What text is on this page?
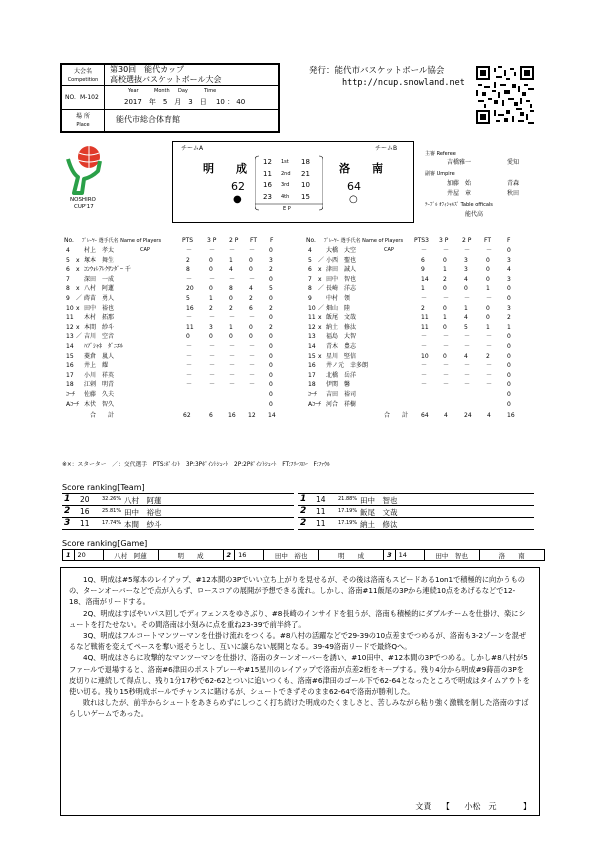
大会名
Competition
第30回　能代カップ
高校選抜バスケットボール大会
NO. M-102
Year	Month Day	Time
2017　年　5　月　3　日　 10 ： 40
場 所
Place
能代市総合体育館
発行：能代市バスケットボール協会
http://ncup.snowland.net
NOSHIRO
CUP'17
チームA	チームB
明　　成	洛　　南
62	64
●	○
12 1st 18
11 2nd 21
16 3rd 10
23 4th 15
E P
主審 Referee
吉橋雅一	愛知
副審 Umpire
加藤　始	青森
井屋　章	秋田
ﾃｰﾌﾞﾙ ｵﾌｨｼｬﾙｽﾞ Table officals
能代高
No. ﾌﾟﾚｰﾔｰ 選手氏名 Name of Players	PTS 3 P 2 P FT F
4 村上　孝太	CAP	－	－ － － 0
5 x 塚本　舞生	2	0	1	0	3
6 x ｺﾝｳｫﾚｱﾚｸｻﾝﾀﾞｰ 千	8	0	4	0	2
7 深田　一成	－	－ － － 0
8 x 八村　阿蓮	20	0	8	4	5
9 ／ 蒔苗　勇人	5	1	0	2	0
10 x 田中　裕也	16	2	2	6	2
11 木村　拓那	－	－ － － 0
12 x 本間　紗斗	11	3	1	0	2
13 ／ 吉川　空音	0	0	0	0	0
14 ﾊﾌﾞｼｬﾈ　ﾀﾞﾆｴﾙ	－	－ － － 0
15 菱倉　嵐人	－	－ － － 0
16 井上　耀	－	－ － － 0
17 小川　祥英	－	－ － － 0
18 江刺　明青	－	－ － － 0
ｺｰﾁ 佐藤　久夫	0
Aｺｰﾁ 木伏　智久	0
合　　計	62	6	16 12 14
No. ﾌﾟﾚｰﾔｰ 選手氏名 Name of Players PTS3 3 P 2 P FT	F
4 大橋　大空	CAP	－	－ －	－ 0
5 ／ 小西　聖也	6	0	3	0	3
6 x 津田　誠人	9	1	3	0	4
7 x 田中　智也	14 2	4	0	3
8 ／ 長崎　洋志	1	0	0	1	0
9 中村　領	－	－ －	－ 0
10 ／ 畑山　陸	2	0	1	0	3
11 x 飯尾　文哉	11 1	4	0	2
12 x 納土　修汰	11 0	5	1	1
13 福島　大智	－	－ －	－ 0
14 青木　豊志	－	－ －	－ 0
15 x 星川　堅信	10 0	4	2	0
16 井ノ元　幸多朗	－	－ －	－ 0
17 北橋　岳洋	－	－ －	－ 0
18 伊関　馨	－	－ －	－ 0
ｺｰﾁ 吉田　裕司	0
Aｺｰﾁ 河合　祥樹	0
合　　計 64	4	24	4	16
※×：スターター　／：交代選手　PTS:ﾎﾟｲﾝﾄ　3P:3Pﾎﾟｲﾝﾄｼｭｰﾄ　2P:2Pﾎﾟｲﾝﾄｼｭｰﾄ　FT:ﾌﾘｰｽﾛｰ　F:ﾌｧｳﾙ
Score ranking[Team]
1 20 32.26% 八村　阿蓮
2 16 25.81% 田中　裕也
3 11 17.74% 本間　紗斗
1 14 21.88% 田中　智也
2 11 17.19% 飯尾　文哉
2 11 17.19% 納土　修汰
Score ranking[Game]
1	20	八村　阿蓮	明　　成	2	16	田中　裕也	明　　成	3	14	田中　智也	洛　　南

1Q、明成は#5塚本のレイアップ、#12本間の3Pでいい立ち上がりを見せるが、その後は洛南もスピードある1on1で積極的に向かうものの、ターンオーバーなどで点が入らず、ロースコアの展開が予想できる流れ。しかし、洛南#11飯尾の3Pから連続10点をあげるなどで12-18、洛南がリードする。

2Q、明成はすばやいパス回しでディフェンスをゆさぶり、#8長崎のインサイドを狙うが、洛南も積極的にダブルチームを仕掛け、楽にシュートを打たせない。その間洛南は小刻みに点を重ね23-39で前半終了。

3Q、明成はフルコートマンツーマンを仕掛け流れをつくる。#8八村の活躍などで29-39の10点差までつめるが、洛南も3-2ゾーンを混ぜるなど戦術を変えてペースを奪い返そうとし、互いに譲らない展開となる。39-49洛南リードで最終Qへ。

4Q、明成はさらに攻撃的なマンツーマンを仕掛け、洛南のターンオーバーを誘い、#10田中、#12本間の3Pでつめる。しかし#8八村が5ファールで退場すると、洛南#6津田のポストプレーや#15星川のレイアップで洛南が点差2桁をキープする。残り4分から明成#9蒔苗の3Pを皮切りに連続して得点し、残り1分17秒で62-62とついに追いつくも、洛南#6津田のゴール下で62-64となったところで明成はタイムアウトを使い切る。残り15秒明成ボールでチャンスに賭けるが、シュートできずそのまま62-64で洛南が勝利した。

敗れはしたが、前半からシュートをあきらめずにしつこく打ち続けた明成のたくましさと、苦しみながら粘り強く激戦を制した洛南のすばらしいゲームであった。

文責 【 小松　元	】
